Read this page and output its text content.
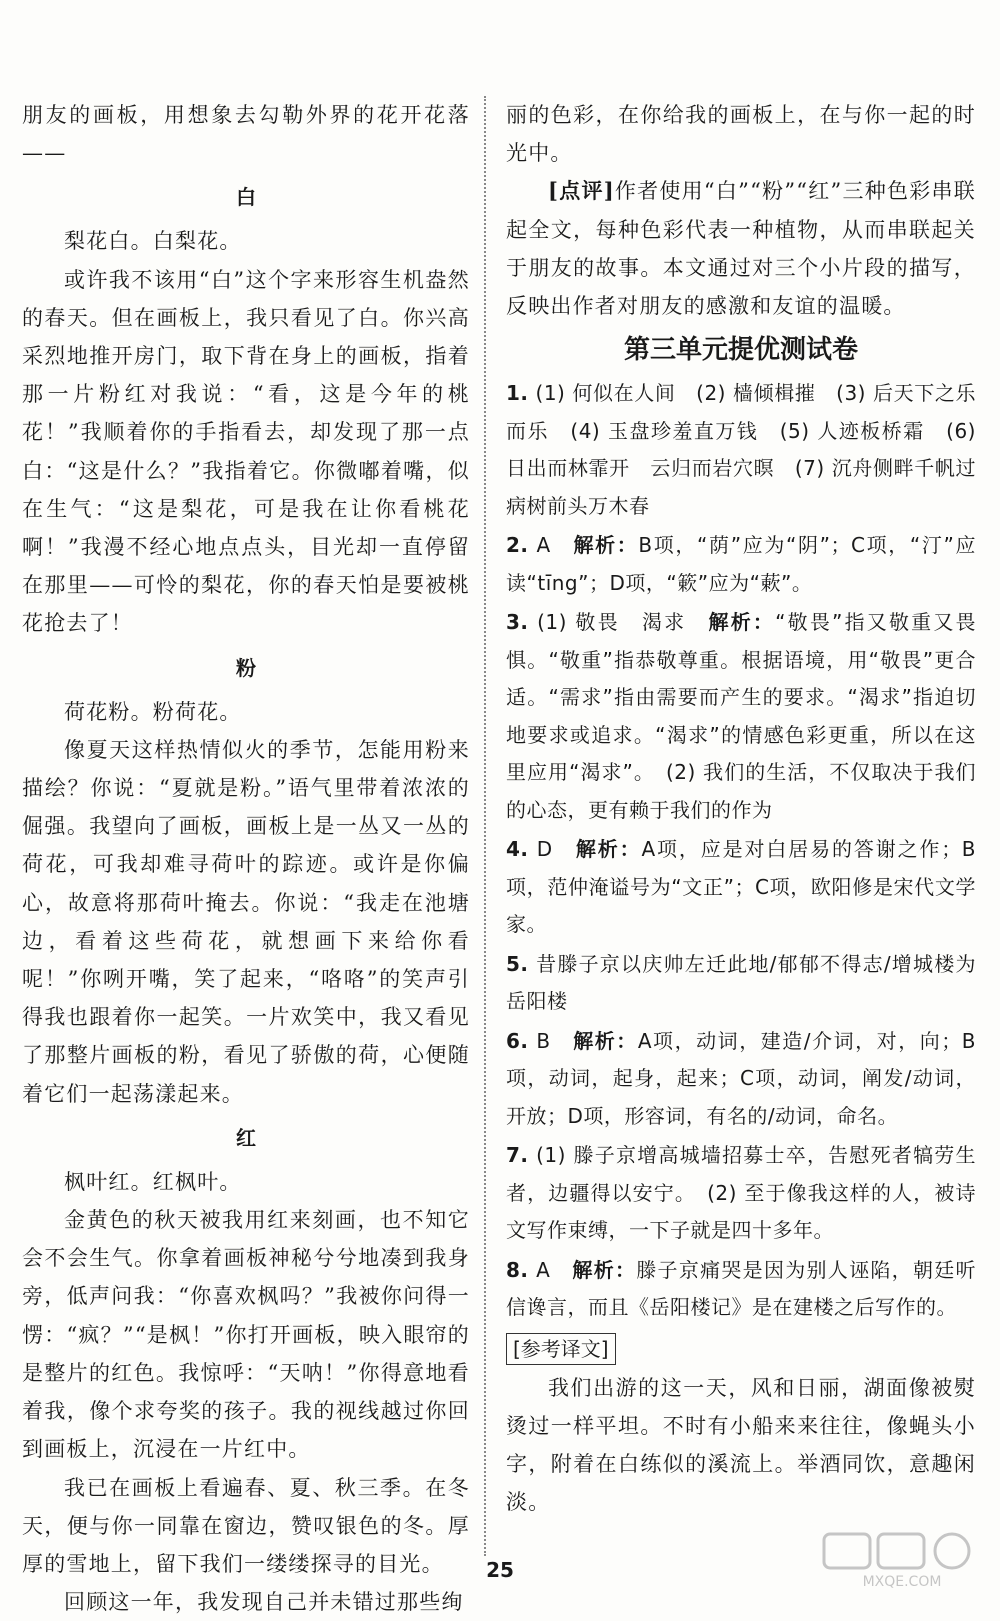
朋友的画板，用想象去勾勒外界的花开花落——

白

梨花白。白梨花。

或许我不该用“白”这个字来形容生机盎然的春天。但在画板上，我只看见了白。你兴高采烈地推开房门，取下背在身上的画板，指着那一片粉红对我说：“看，这是今年的桃花！”我顺着你的手指看去，却发现了那一点白：“这是什么？”我指着它。你微嘟着嘴，似在生气：“这是梨花，可是我在让你看桃花啊！”我漫不经心地点点头，目光却一直停留在那里——可怜的梨花，你的春天怕是要被桃花抢去了！

粉

荷花粉。粉荷花。

像夏天这样热情似火的季节，怎能用粉来描绘？你说：“夏就是粉。”语气里带着浓浓的倔强。我望向了画板，画板上是一丛又一丛的荷花，可我却难寻荷叶的踪迹。或许是你偏心，故意将那荷叶掩去。你说：“我走在池塘边，看着这些荷花，就想画下来给你看呢！”你咧开嘴，笑了起来，“咯咯”的笑声引得我也跟着你一起笑。一片欢笑中，我又看见了那整片画板的粉，看见了骄傲的荷，心便随着它们一起荡漾起来。

红

枫叶红。红枫叶。

金黄色的秋天被我用红来刻画，也不知它会不会生气。你拿着画板神秘兮兮地凑到我身旁，低声问我：“你喜欢枫吗？”我被你问得一愣：“疯？”“是枫！”你打开画板，映入眼帘的是整片的红色。我惊呼：“天呐！”你得意地看着我，像个求夸奖的孩子。我的视线越过你回到画板上，沉浸在一片红中。

我已在画板上看遍春、夏、秋三季。在冬天，便与你一同靠在窗边，赞叹银色的冬。厚厚的雪地上，留下我们一缕缕探寻的目光。

回顾这一年，我发现自己并未错过那些绚

丽的色彩，在你给我的画板上，在与你一起的时光中。

[点评]作者使用“白”“粉”“红”三种色彩串联起全文，每种色彩代表一种植物，从而串联起关于朋友的故事。本文通过对三个小片段的描写，反映出作者对朋友的感激和友谊的温暖。

第三单元提优测试卷

1. (1) 何似在人间　(2) 樯倾楫摧　(3) 后天下之乐而乐　(4) 玉盘珍羞直万钱　(5) 人迹板桥霜　(6) 日出而林霏开　云归而岩穴暝　(7) 沉舟侧畔千帆过　病树前头万木春

2. A　解析：B项，“荫”应为“阴”；C项，“汀”应读“tīng”；D项，“簌”应为“蔌”。

3. (1) 敬畏　渴求　解析：“敬畏”指又敬重又畏惧。“敬重”指恭敬尊重。根据语境，用“敬畏”更合适。“需求”指由需要而产生的要求。“渴求”指迫切地要求或追求。“渴求”的情感色彩更重，所以在这里应用“渴求”。　(2) 我们的生活，不仅取决于我们的心态，更有赖于我们的作为

4. D　解析：A项，应是对白居易的答谢之作；B项，范仲淹谥号为“文正”；C项，欧阳修是宋代文学家。

5. 昔滕子京以庆帅左迁此地/郁郁不得志/增城楼为岳阳楼

6. B　解析：A项，动词，建造/介词，对，向；B项，动词，起身，起来；C项，动词，阐发/动词，开放；D项，形容词，有名的/动词，命名。

7. (1) 滕子京增高城墙招募士卒，告慰死者犒劳生者，边疆得以安宁。　(2) 至于像我这样的人，被诗文写作束缚，一下子就是四十多年。

8. A　解析：滕子京痛哭是因为别人诬陷，朝廷听信谗言，而且《岳阳楼记》是在建楼之后写作的。

[参考译文]

我们出游的这一天，风和日丽，湖面像被熨烫过一样平坦。不时有小船来来往往，像蝇头小字，附着在白练似的溪流上。举酒同饮，意趣闲淡。

25	MXQE.COM
